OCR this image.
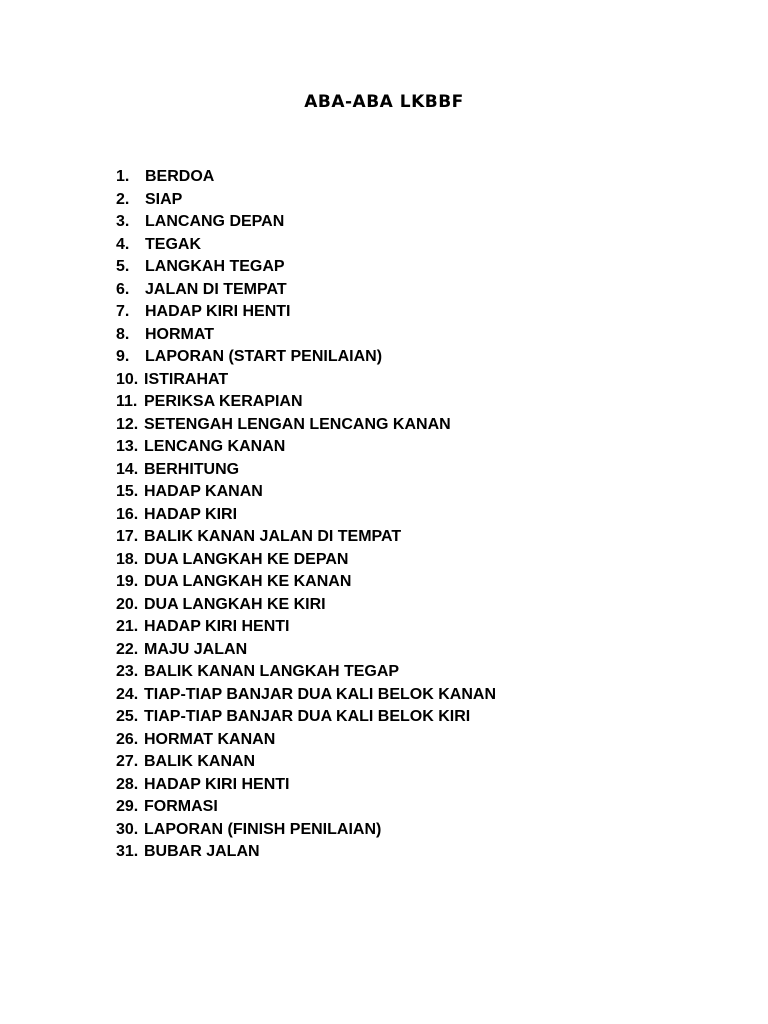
ABA-ABA LKBBF
1. BERDOA
2. SIAP
3. LANCANG DEPAN
4. TEGAK
5. LANGKAH TEGAP
6. JALAN DI TEMPAT
7. HADAP KIRI HENTI
8. HORMAT
9. LAPORAN (START PENILAIAN)
10. ISTIRAHAT
11. PERIKSA KERAPIAN
12. SETENGAH LENGAN LENCANG KANAN
13. LENCANG KANAN
14. BERHITUNG
15. HADAP KANAN
16. HADAP KIRI
17. BALIK KANAN JALAN DI TEMPAT
18. DUA LANGKAH KE DEPAN
19. DUA LANGKAH KE KANAN
20. DUA LANGKAH KE KIRI
21. HADAP KIRI HENTI
22. MAJU JALAN
23. BALIK KANAN LANGKAH TEGAP
24. TIAP-TIAP BANJAR DUA KALI BELOK KANAN
25. TIAP-TIAP BANJAR DUA KALI BELOK KIRI
26. HORMAT KANAN
27. BALIK KANAN
28. HADAP KIRI HENTI
29. FORMASI
30. LAPORAN (FINISH PENILAIAN)
31. BUBAR JALAN
